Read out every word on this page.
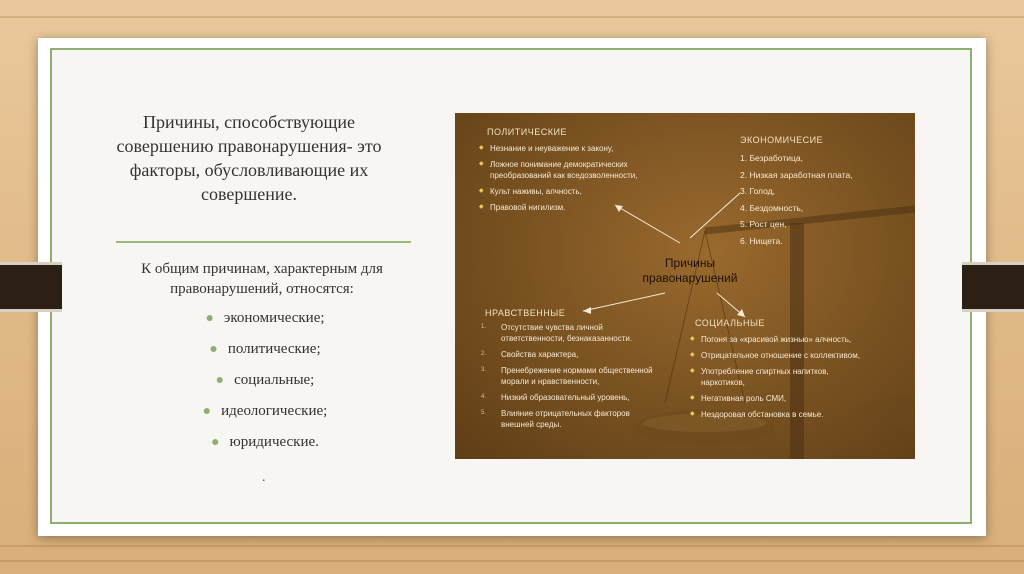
Причины, способствующие совершению правонарушения- это факторы, обусловливающие их совершение.
К общим причинам, характерным для правонарушений, относятся:
● экономические;
● политические;
● социальные;
● идеологические;
● юридические.
.
ПОЛИТИЧЕСКИЕ
◆ Незнание и неуважение к закону,
◆ Ложное понимание демократических преобразований как вседозволенности,
◆ Культ наживы, алчность,
◆ Правовой нигилизм.
ЭКОНОМИЧЕСИЕ
1. Безработица,
2. Низкая заработная плата,
3. Голод,
4. Бездомность,
5. Рост цен,
6. Нищета.
Причины правонарушений
НРАВСТВЕННЫЕ
1. Отсутствие чувства личной ответственности, безнаказанности.
2. Свойства характера,
3. Пренебрежение нормами общественной морали и нравственности,
4. Низкий образовательный уровень,
5. Влияние отрицательных факторов внешней среды.
СОЦИАЛЬНЫЕ
◆ Погоня за «красивой жизнью» алчность,
◆ Отрицательное отношение с коллективом,
◆ Употребление спиртных напитков, наркотиков,
◆ Негативная роль СМИ,
◆ Нездоровая обстановка в семье.
